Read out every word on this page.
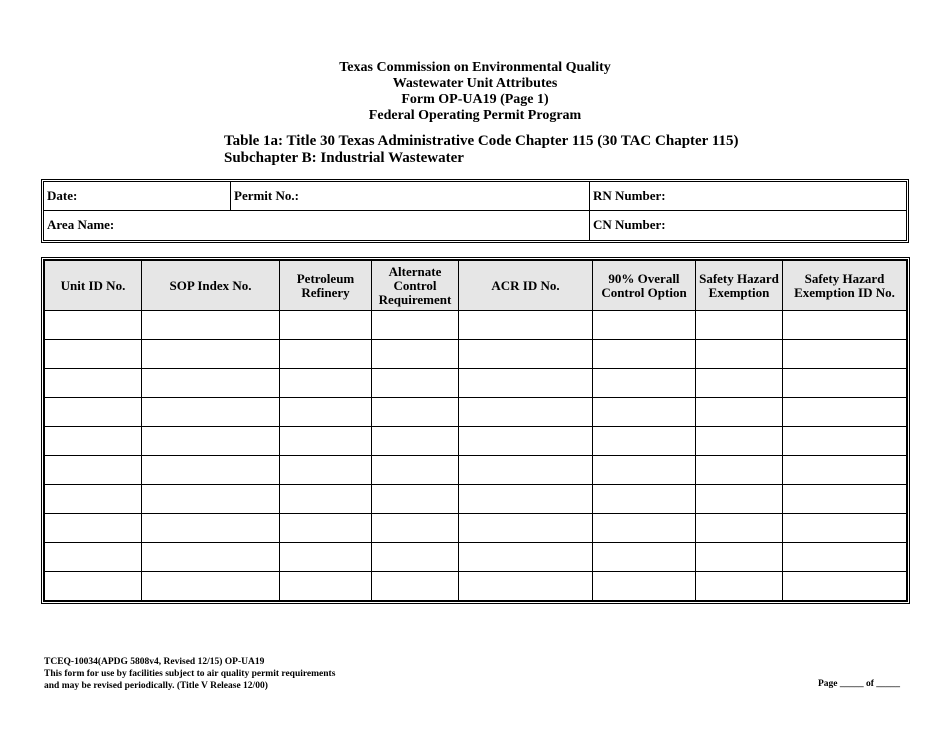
Texas Commission on Environmental Quality
Wastewater Unit Attributes
Form OP-UA19 (Page 1)
Federal Operating Permit Program
Table 1a: Title 30 Texas Administrative Code Chapter 115 (30 TAC Chapter 115)
Subchapter B: Industrial Wastewater
Date:	Permit No.:	RN Number:
Area Name:	CN Number:
Unit ID No.	SOP Index No.	Petroleum Refinery	Alternate Control Requirement	ACR ID No.	90% Overall Control Option	Safety Hazard Exemption	Safety Hazard Exemption ID No.

TCEQ-10034(APDG 5808v4, Revised 12/15) OP-UA19
This form for use by facilities subject to air quality permit requirements
and may be revised periodically. (Title V Release 12/00)	Page _____ of _____
